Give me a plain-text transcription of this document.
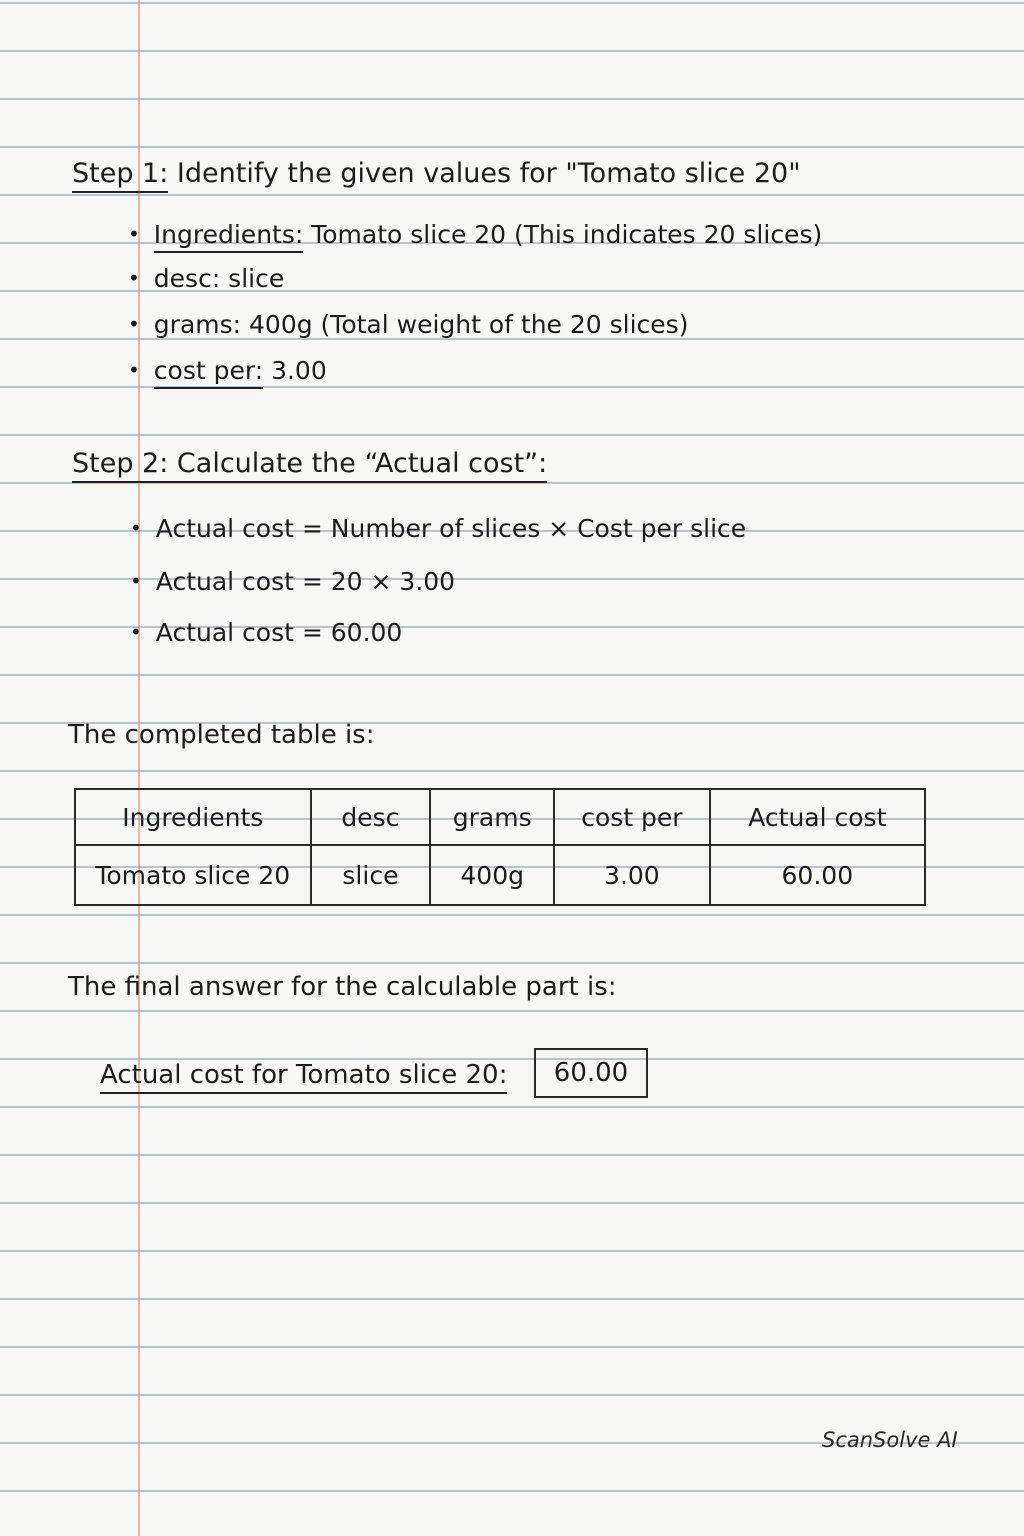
Step 1: Identify the given values for "Tomato slice 20"
• Ingredients: Tomato slice 20 (This indicates 20 slices)
• desc: slice
• grams: 400g (Total weight of the 20 slices)
• cost per: 3.00
Step 2: Calculate the “Actual cost”:
• Actual cost = Number of slices × Cost per slice
• Actual cost = 20 × 3.00
• Actual cost = 60.00
The completed table is:
Ingredients	desc	grams	cost per	Actual cost
Tomato slice 20	slice	400g	3.00	60.00
The final answer for the calculable part is:
Actual cost for Tomato slice 20:	60.00
ScanSolve AI
